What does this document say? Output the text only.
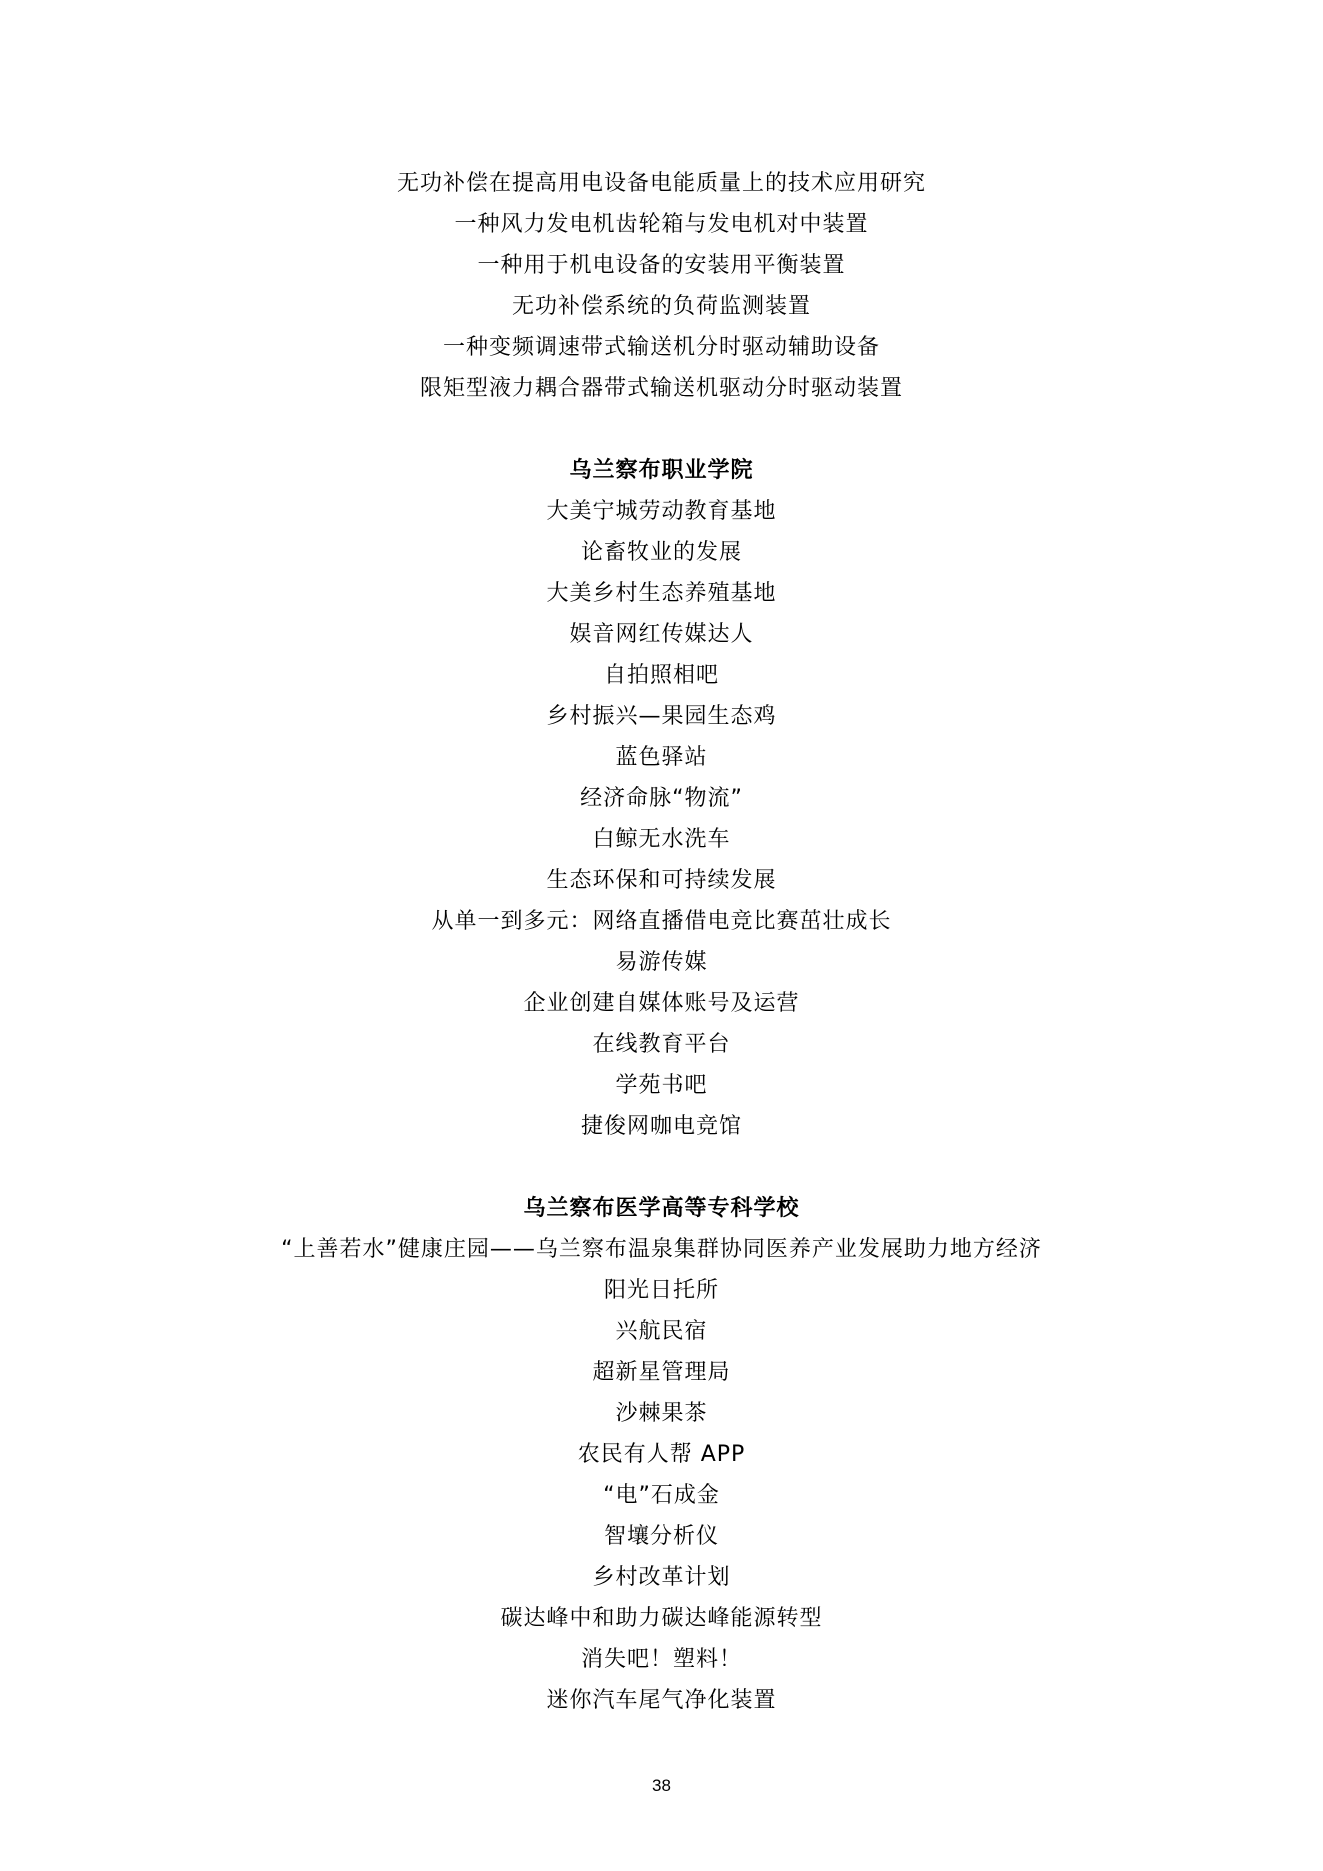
无功补偿在提高用电设备电能质量上的技术应用研究
一种风力发电机齿轮箱与发电机对中装置
一种用于机电设备的安装用平衡装置
无功补偿系统的负荷监测装置
一种变频调速带式输送机分时驱动辅助设备
限矩型液力耦合器带式输送机驱动分时驱动装置
乌兰察布职业学院
大美宁城劳动教育基地
论畜牧业的发展
大美乡村生态养殖基地
娱音网红传媒达人
自拍照相吧
乡村振兴—果园生态鸡
蓝色驿站
经济命脉“物流”
白鲸无水洗车
生态环保和可持续发展
从单一到多元：网络直播借电竞比赛茁壮成长
易游传媒
企业创建自媒体账号及运营
在线教育平台
学苑书吧
捷俊网咖电竞馆
乌兰察布医学高等专科学校
“上善若水”健康庄园——乌兰察布温泉集群协同医养产业发展助力地方经济
阳光日托所
兴航民宿
超新星管理局
沙棘果茶
农民有人帮 APP
“电”石成金
智壤分析仪
乡村改革计划
碳达峰中和助力碳达峰能源转型
消失吧！塑料！
迷你汽车尾气净化装置
38
